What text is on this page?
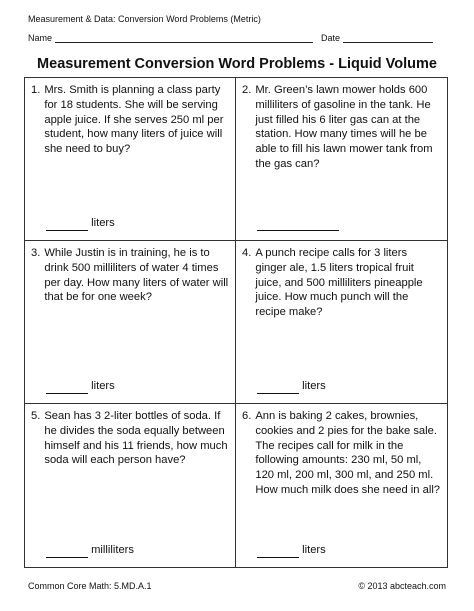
Measurement & Data: Conversion Word Problems (Metric)
Name	Date
Measurement Conversion Word Problems - Liquid Volume
1. Mrs. Smith is planning a class party for 18 students. She will be serving apple juice. If she serves 250 ml per student, how many liters of juice will she need to buy?

liters
2. Mr. Green’s lawn mower holds 600 milliliters of gasoline in the tank. He just filled his 6 liter gas can at the station. How many times will he be able to fill his lawn mower tank from the gas can?
3. While Justin is in training, he is to drink 500 milliliters of water 4 times per day. How many liters of water will that be for one week?

liters
4. A punch recipe calls for 3 liters ginger ale, 1.5 liters tropical fruit juice, and 500 milliliters pineapple juice. How much punch will the recipe make?

liters
5. Sean has 3 2-liter bottles of soda. If he divides the soda equally between himself and his 11 friends, how much soda will each person have?

milliliters
6. Ann is baking 2 cakes, brownies, cookies and 2 pies for the bake sale. The recipes call for milk in the following amounts: 230 ml, 50 ml, 120 ml, 200 ml, 300 ml, and 250 ml. How much milk does she need in all?

liters
Common Core Math: 5.MD.A.1	© 2013 abcteach.com
